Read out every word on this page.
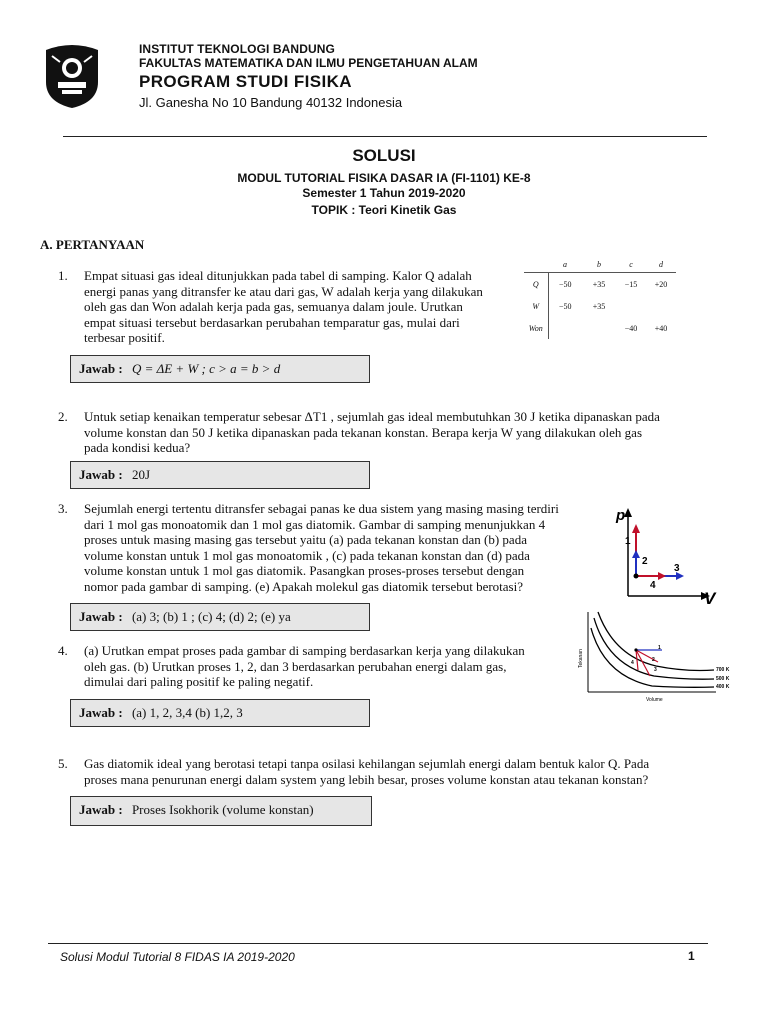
INSTITUT TEKNOLOGI BANDUNG
FAKULTAS MATEMATIKA DAN ILMU PENGETAHUAN ALAM
PROGRAM STUDI FISIKA
Jl. Ganesha No 10 Bandung 40132 Indonesia
SOLUSI
MODUL TUTORIAL FISIKA DASAR IA (FI-1101) KE-8
Semester 1 Tahun 2019-2020
TOPIK : Teori Kinetik Gas
A. PERTANYAAN
	a	b	c	d
Q	−50	+35	−15	+20
W	−50	+35		
Won			−40	+40
1. Empat situasi gas ideal ditunjukkan pada tabel di samping. Kalor Q adalah
energi panas yang ditransfer ke atau dari gas, W adalah kerja yang dilakukan
oleh gas dan Won adalah kerja pada gas, semuanya dalam joule. Urutkan
empat situasi tersebut berdasarkan perubahan temparatur gas, mulai dari
terbesar positif.
Jawab : Q = ΔE + W ; c > a = b > d
2. Untuk setiap kenaikan temperatur sebesar ΔT1 , sejumlah gas ideal membutuhkan 30 J ketika dipanaskan pada
volume konstan dan 50 J ketika dipanaskan pada tekanan konstan. Berapa kerja W yang dilakukan oleh gas
pada kondisi kedua?
Jawab : 20J
3. Sejumlah energi tertentu ditransfer sebagai panas ke dua sistem yang masing masing terdiri
dari 1 mol gas monoatomik dan 1 mol gas diatomik. Gambar di samping menunjukkan 4
proses untuk masing masing gas tersebut yaitu (a) pada tekanan konstan dan (b) pada
volume konstan untuk 1 mol gas monoatomik , (c) pada tekanan konstan dan (d) pada
volume konstan untuk 1 mol gas diatomik. Pasangkan proses-proses tersebut dengan
nomor pada gambar di samping. (e) Apakah molekul gas diatomik tersebut berotasi?
Jawab : (a) 3; (b) 1 ; (c) 4; (d) 2; (e) ya
p
V
1
2
3
4
4. (a) Urutkan empat proses pada gambar di samping berdasarkan kerja yang dilakukan
oleh gas. (b) Urutkan proses 1, 2, dan 3 berdasarkan perubahan energi dalam gas,
dimulai dari paling positif ke paling negatif.
Jawab : (a) 1, 2, 3,4 (b) 1,2, 3
Tekanan
Volume
700 K
500 K
400 K
1
2
3
4
5. Gas diatomik ideal yang berotasi tetapi tanpa osilasi kehilangan sejumlah energi dalam bentuk kalor Q. Pada
proses mana penurunan energi dalam system yang lebih besar, proses volume konstan atau tekanan konstan?
Jawab : Proses Isokhorik (volume konstan)
Solusi Modul Tutorial 8 FIDAS IA 2019-2020	1
